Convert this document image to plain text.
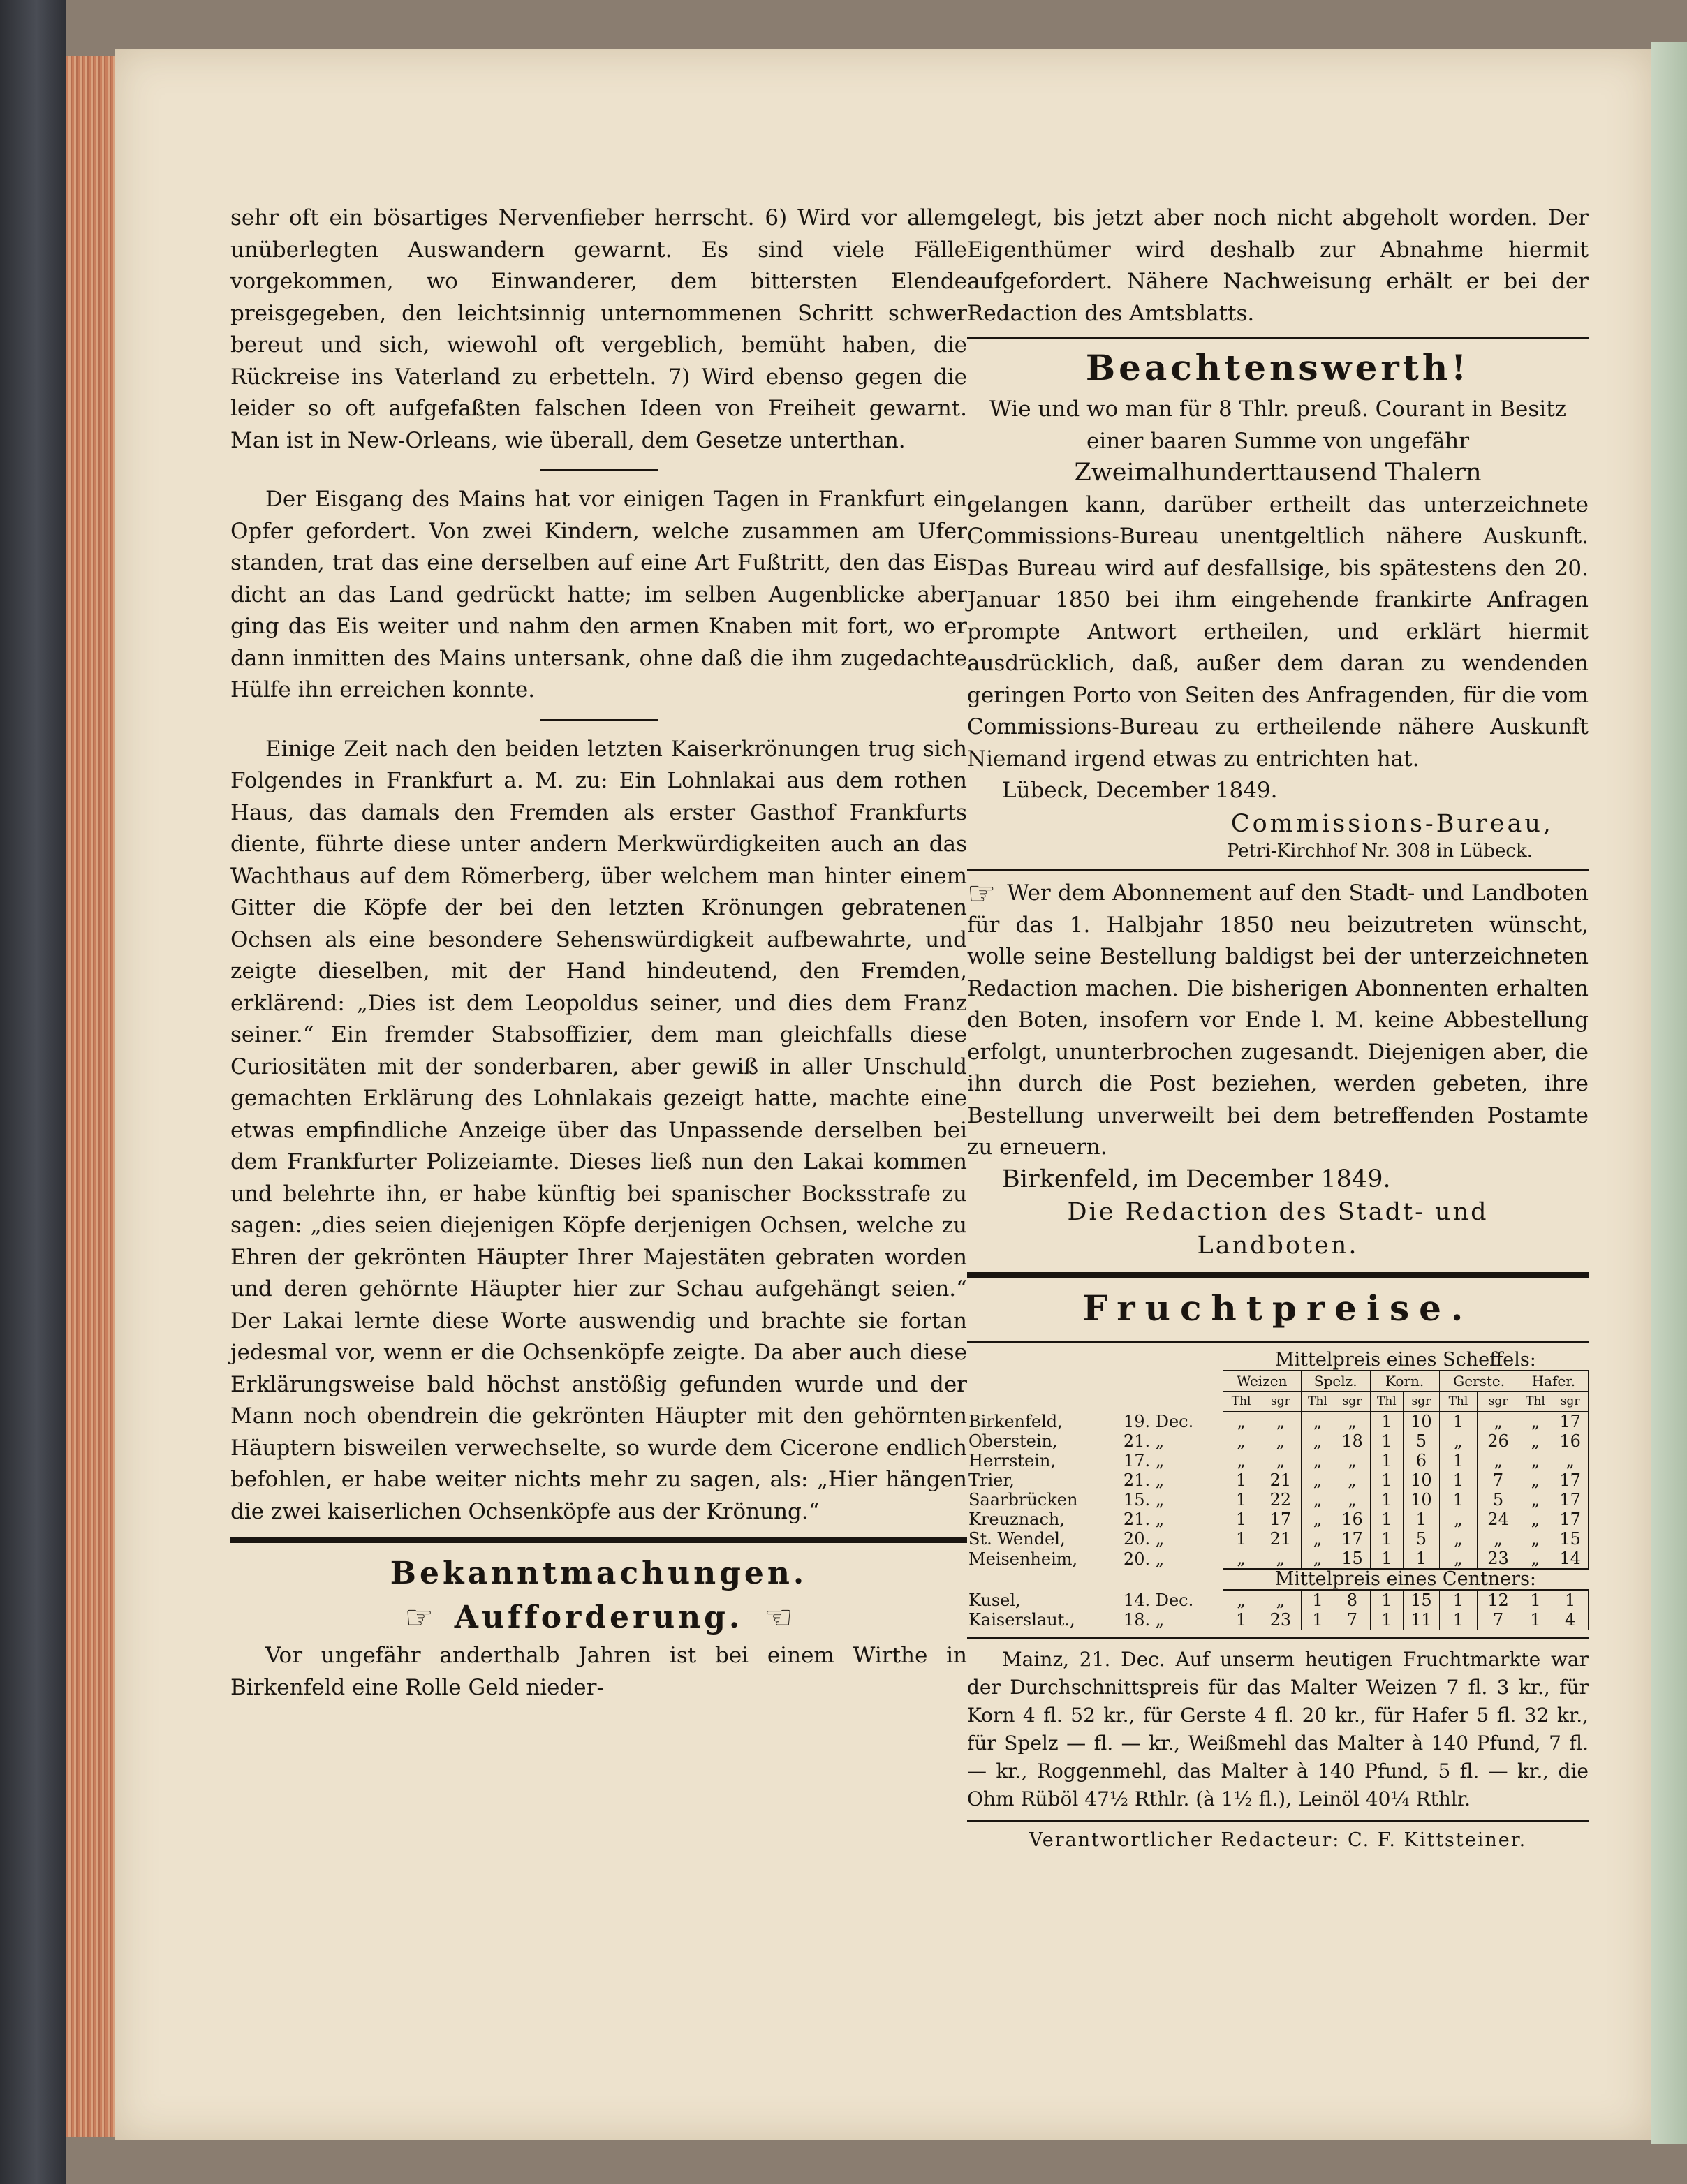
sehr oft ein bösartiges Nervenfieber herrscht. 6) Wird vor allem unüberlegten Auswandern gewarnt. Es sind viele Fälle vorgekommen, wo Einwanderer, dem bittersten Elende preisgegeben, den leichtsinnig unternommenen Schritt schwer bereut und sich, wiewohl oft vergeblich, bemüht haben, die Rückreise ins Vaterland zu erbetteln. 7) Wird ebenso gegen die leider so oft aufgefaßten falschen Ideen von Freiheit gewarnt. Man ist in New-Orleans, wie überall, dem Gesetze unterthan.

Der Eisgang des Mains hat vor einigen Tagen in Frankfurt ein Opfer gefordert. Von zwei Kindern, welche zusammen am Ufer standen, trat das eine derselben auf eine Art Fußtritt, den das Eis dicht an das Land gedrückt hatte; im selben Augenblicke aber ging das Eis weiter und nahm den armen Knaben mit fort, wo er dann inmitten des Mains untersank, ohne daß die ihm zugedachte Hülfe ihn erreichen konnte.

Einige Zeit nach den beiden letzten Kaiserkrönungen trug sich Folgendes in Frankfurt a. M. zu: Ein Lohnlakai aus dem rothen Haus, das damals den Fremden als erster Gasthof Frankfurts diente, führte diese unter andern Merkwürdigkeiten auch an das Wachthaus auf dem Römerberg, über welchem man hinter einem Gitter die Köpfe der bei den letzten Krönungen gebratenen Ochsen als eine besondere Sehenswürdigkeit aufbewahrte, und zeigte dieselben, mit der Hand hindeutend, den Fremden, erklärend: „Dies ist dem Leopoldus seiner, und dies dem Franz seiner.“ Ein fremder Stabsoffizier, dem man gleichfalls diese Curiositäten mit der sonderbaren, aber gewiß in aller Unschuld gemachten Erklärung des Lohnlakais gezeigt hatte, machte eine etwas empfindliche Anzeige über das Unpassende derselben bei dem Frankfurter Polizeiamte. Dieses ließ nun den Lakai kommen und belehrte ihn, er habe künftig bei spanischer Bocksstrafe zu sagen: „dies seien diejenigen Köpfe derjenigen Ochsen, welche zu Ehren der gekrönten Häupter Ihrer Majestäten gebraten worden und deren gehörnte Häupter hier zur Schau aufgehängt seien.“ Der Lakai lernte diese Worte auswendig und brachte sie fortan jedesmal vor, wenn er die Ochsenköpfe zeigte. Da aber auch diese Erklärungsweise bald höchst anstößig gefunden wurde und der Mann noch obendrein die gekrönten Häupter mit den gehörnten Häuptern bisweilen verwechselte, so wurde dem Cicerone endlich befohlen, er habe weiter nichts mehr zu sagen, als: „Hier hängen die zwei kaiserlichen Ochsenköpfe aus der Krönung.“

Bekanntmachungen.
☞ Aufforderung. ☜

Vor ungefähr anderthalb Jahren ist bei einem Wirthe in Birkenfeld eine Rolle Geld nieder-

gelegt, bis jetzt aber noch nicht abgeholt worden. Der Eigenthümer wird deshalb zur Abnahme hiermit aufgefordert. Nähere Nachweisung erhält er bei der Redaction des Amtsblatts.

Beachtenswerth!

Wie und wo man für 8 Thlr. preuß. Courant in Besitz einer baaren Summe von ungefähr

Zweimalhunderttausend Thalern

gelangen kann, darüber ertheilt das unterzeichnete Commissions-Bureau unentgeltlich nähere Auskunft. Das Bureau wird auf desfallsige, bis spätestens den 20. Januar 1850 bei ihm eingehende frankirte Anfragen prompte Antwort ertheilen, und erklärt hiermit ausdrücklich, daß, außer dem daran zu wendenden geringen Porto von Seiten des Anfragenden, für die vom Commissions-Bureau zu ertheilende nähere Auskunft Niemand irgend etwas zu entrichten hat.

Lübeck, December 1849.

Commissions-Bureau,
Petri-Kirchhof Nr. 308 in Lübeck.

☞ Wer dem Abonnement auf den Stadt- und Landboten für das 1. Halbjahr 1850 neu beizutreten wünscht, wolle seine Bestellung baldigst bei der unterzeichneten Redaction machen. Die bisherigen Abonnenten erhalten den Boten, insofern vor Ende l. M. keine Abbestellung erfolgt, ununterbrochen zugesandt. Diejenigen aber, die ihn durch die Post beziehen, werden gebeten, ihre Bestellung unverweilt bei dem betreffenden Postamte zu erneuern.

Birkenfeld, im December 1849.

Die Redaction des Stadt- und
Landboten.
Fruchtpreise.
		Mittelpreis eines Scheffels:									
		Weizen		Spelz.		Korn.		Gerste.		Hafer.	
		Thl	sgr	Thl	sgr	Thl	sgr	Thl	sgr	Thl	sgr
Birkenfeld,	19. Dec.	„	„	„	„	1	10	1	„	„	17
Oberstein,	21. „	„	„	„	18	1	5	„	26	„	16
Herrstein,	17. „	„	„	„	„	1	6	1	„	„	„
Trier,	21. „	1	21	„	„	1	10	1	7	„	17
Saarbrücken	15. „	1	22	„	„	1	10	1	5	„	17
Kreuznach,	21. „	1	17	„	16	1	1	„	24	„	17
St. Wendel,	20. „	1	21	„	17	1	5	„	„	„	15
Meisenheim,	20. „	„	„	„	15	1	1	„	23	„	14
		Mittelpreis eines Centners:									
Kusel,	14. Dec.	„	„	1	8	1	15	1	12	1	1
Kaiserslaut.,	18. „	1	23	1	7	1	11	1	7	1	4

Mainz, 21. Dec. Auf unserm heutigen Fruchtmarkte war der Durchschnittspreis für das Malter Weizen 7 fl. 3 kr., für Korn 4 fl. 52 kr., für Gerste 4 fl. 20 kr., für Hafer 5 fl. 32 kr., für Spelz — fl. — kr., Weißmehl das Malter à 140 Pfund, 7 fl. — kr., Roggenmehl, das Malter à 140 Pfund, 5 fl. — kr., die Ohm Rüböl 47½ Rthlr. (à 1½ fl.), Leinöl 40¼ Rthlr.

Verantwortlicher Redacteur: C. F. Kittsteiner.
